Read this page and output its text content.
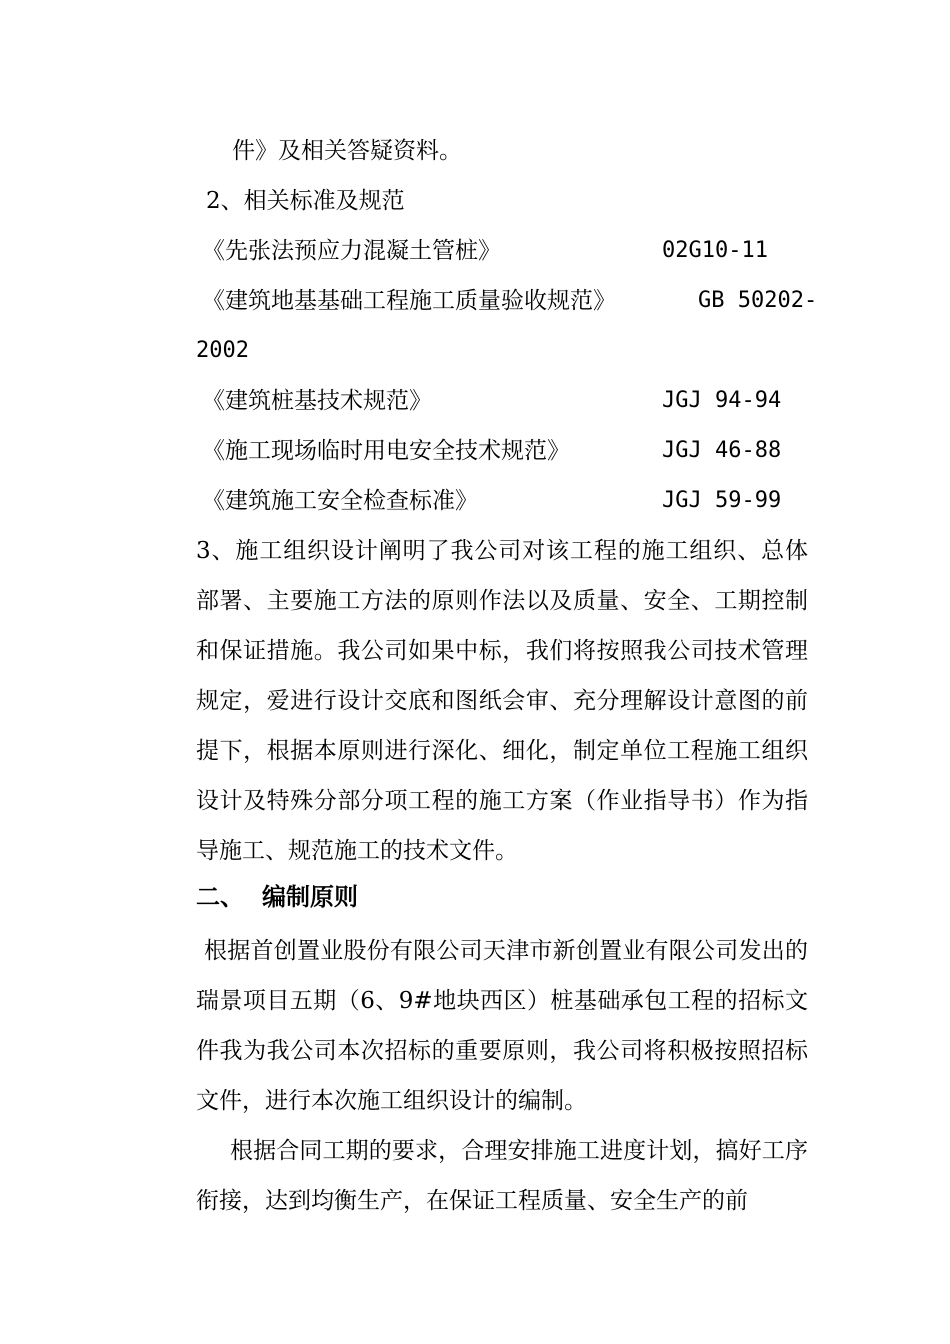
件》及相关答疑资料。
2、相关标准及规范
《先张法预应力混凝土管桩》	02G10-11
《建筑地基基础工程施工质量验收规范》	GB 50202-
2002
《建筑桩基技术规范》	JGJ 94-94
《施工现场临时用电安全技术规范》	JGJ 46-88
《建筑施工安全检查标准》	JGJ 59-99
3、施工组织设计阐明了我公司对该工程的施工组织、总体部署、主要施工方法的原则作法以及质量、安全、工期控制和保证措施。我公司如果中标，我们将按照我公司技术管理规定，爱进行设计交底和图纸会审、充分理解设计意图的前提下，根据本原则进行深化、细化，制定单位工程施工组织设计及特殊分部分项工程的施工方案（作业指导书）作为指导施工、规范施工的技术文件。
二、 编制原则
根据首创置业股份有限公司天津市新创置业有限公司发出的瑞景项目五期（6、9#地块西区）桩基础承包工程的招标文件我为我公司本次招标的重要原则，我公司将积极按照招标文件，进行本次施工组织设计的编制。
根据合同工期的要求，合理安排施工进度计划，搞好工序衔接，达到均衡生产，在保证工程质量、安全生产的前
